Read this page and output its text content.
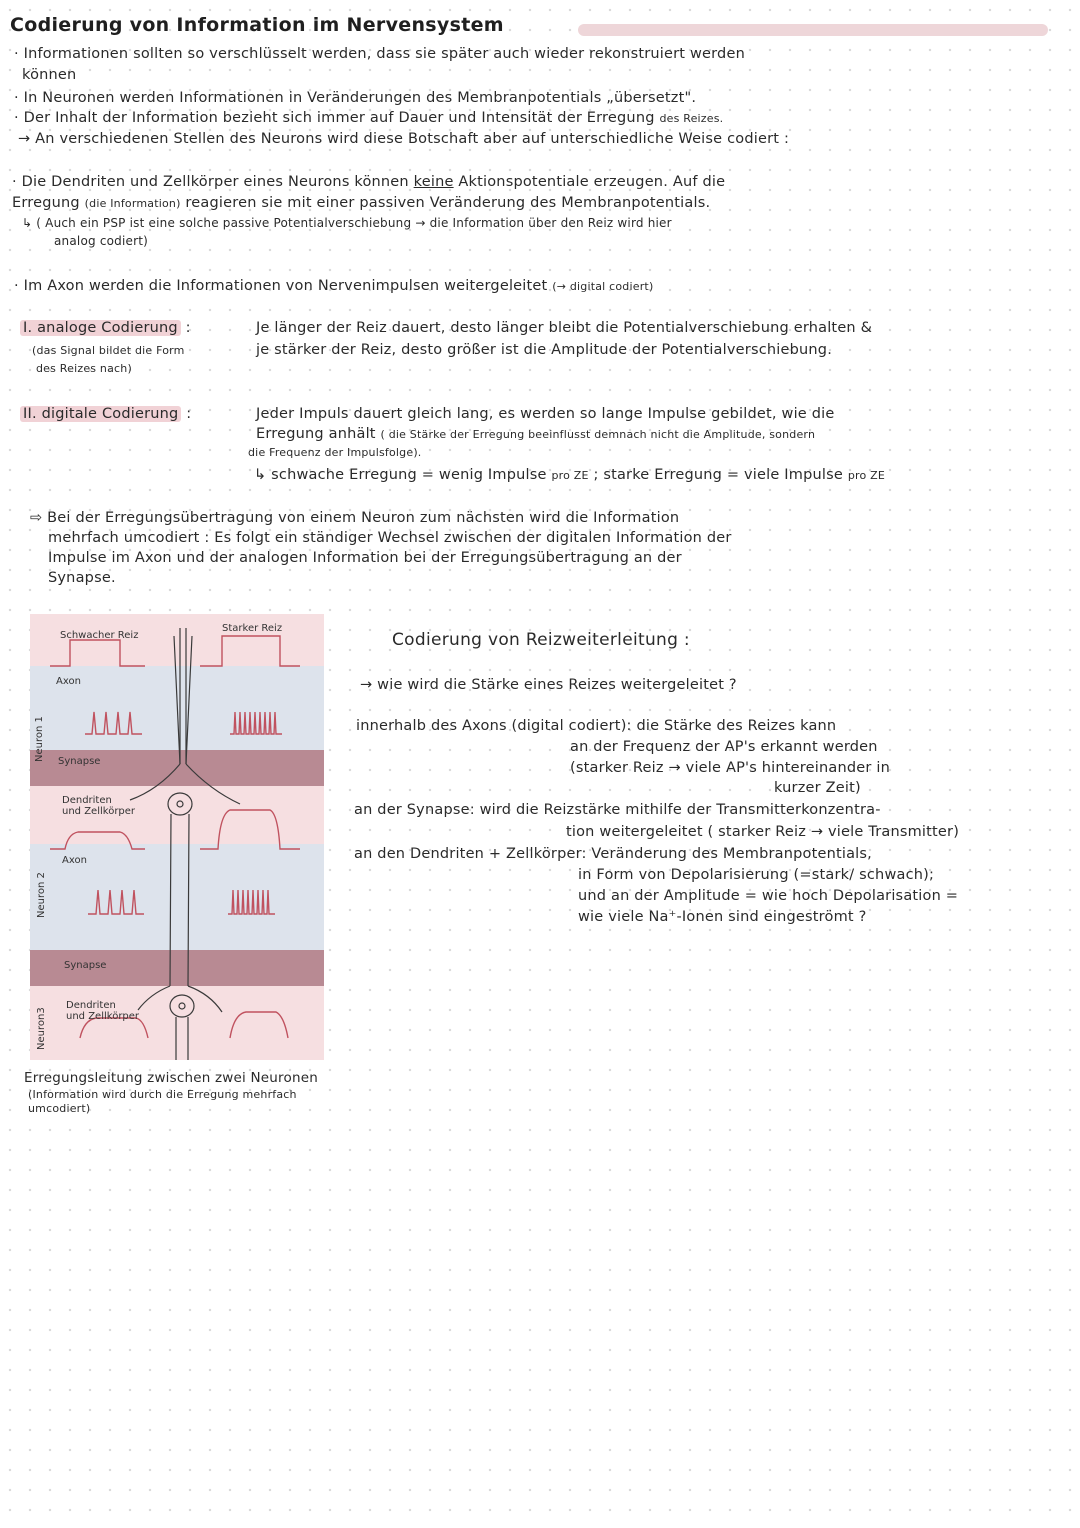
Codierung von Information im Nervensystem
· Informationen sollten so verschlüsselt werden, dass sie später auch wieder rekonstruiert werden
können
· In Neuronen werden Informationen in Veränderungen des Membranpotentials „übersetzt".
· Der Inhalt der Information bezieht sich immer auf Dauer und Intensität der Erregung des Reizes.
→ An verschiedenen Stellen des Neurons wird diese Botschaft aber auf unterschiedliche Weise codiert :
· Die Dendriten und Zellkörper eines Neurons können keine Aktionspotentiale erzeugen. Auf die
Erregung (die Information) reagieren sie mit einer passiven Veränderung des Membranpotentials.
↳ ( Auch ein PSP ist eine solche passive Potentialverschiebung → die Information über den Reiz wird hier
analog codiert)
· Im Axon werden die Informationen von Nervenimpulsen weitergeleitet (→ digital codiert)
I. analoge Codierung :
(das Signal bildet die Form
des Reizes nach)
Je länger der Reiz dauert, desto länger bleibt die Potentialverschiebung erhalten &
je stärker der Reiz, desto größer ist die Amplitude der Potentialverschiebung.
II. digitale Codierung :	Jeder Impuls dauert gleich lang, es werden so lange Impulse gebildet, wie die
Erregung anhält ( die Stärke der Erregung beeinflusst demnach nicht die Amplitude, sondern
die Frequenz der Impulsfolge).
↳ schwache Erregung = wenig Impulse pro ZE ; starke Erregung = viele Impulse pro ZE
⇨ Bei der Erregungsübertragung von einem Neuron zum nächsten wird die Information
mehrfach umcodiert : Es folgt ein ständiger Wechsel zwischen der digitalen Information der
Impulse im Axon und der analogen Information bei der Erregungsübertragung an der
Synapse.
Schwacher Reiz
Starker Reiz
Axon
Synapse
Dendriten
und Zellkörper
Axon
Synapse
Dendriten
und Zellkörper
Neuron 1
Neuron 2
Neuron3
Erregungsleitung zwischen zwei Neuronen
(Information wird durch die Erregung mehrfach
umcodiert)
Codierung von Reizweiterleitung :
→ wie wird die Stärke eines Reizes weitergeleitet ?
innerhalb des Axons (digital codiert): die Stärke des Reizes kann
an der Frequenz der AP's erkannt werden
(starker Reiz → viele AP's hintereinander in
kurzer Zeit)
an der Synapse: wird die Reizstärke mithilfe der Transmitterkonzentra-
tion weitergeleitet ( starker Reiz → viele Transmitter)
an den Dendriten + Zellkörper: Veränderung des Membranpotentials,
in Form von Depolarisierung (=stark/ schwach);
und an der Amplitude = wie hoch Depolarisation =
wie viele Na⁺-Ionen sind eingeströmt ?
